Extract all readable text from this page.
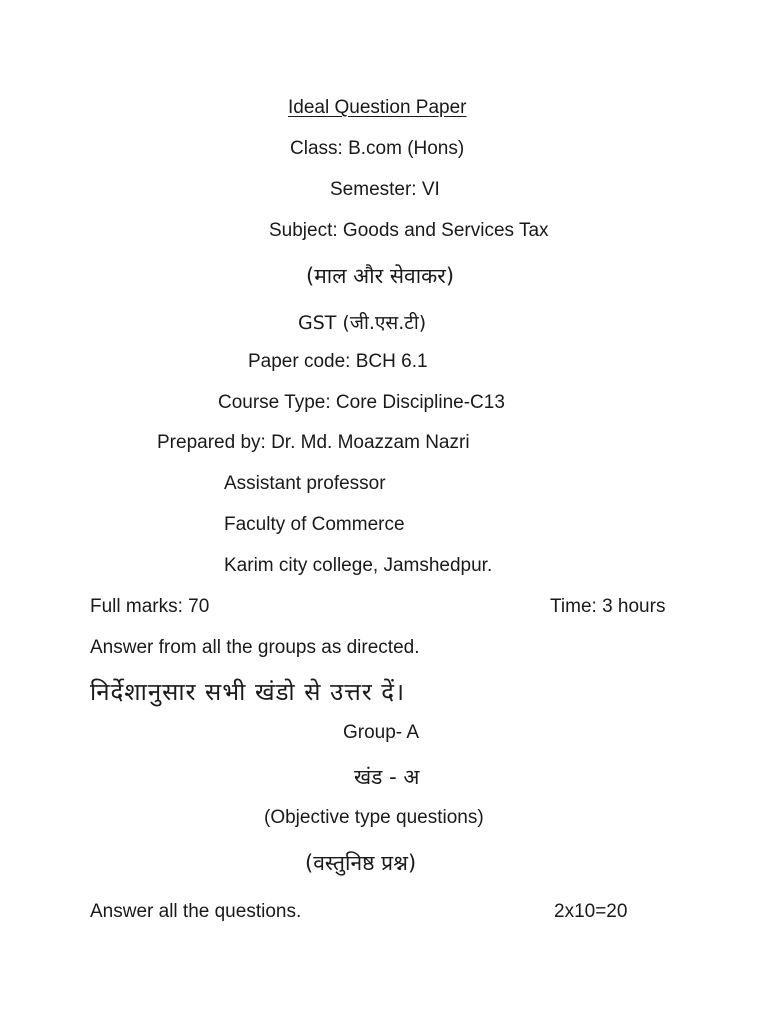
Ideal Question Paper
Class: B.com (Hons)
Semester: VI
Subject: Goods and Services Tax
(माल और सेवाकर)
GST (जी.एस.टी)
Paper code: BCH 6.1
Course Type: Core Discipline-C13
Prepared by: Dr. Md. Moazzam Nazri
Assistant professor
Faculty of Commerce
Karim city college, Jamshedpur.
Full marks: 70	Time: 3 hours
Answer from all the groups as directed.
निर्देशानुसार सभी खंडो से उत्तर दें।
Group- A
खंड - अ
(Objective type questions)
(वस्तुनिष्ठ प्रश्न)
Answer all the questions.	2x10=20
